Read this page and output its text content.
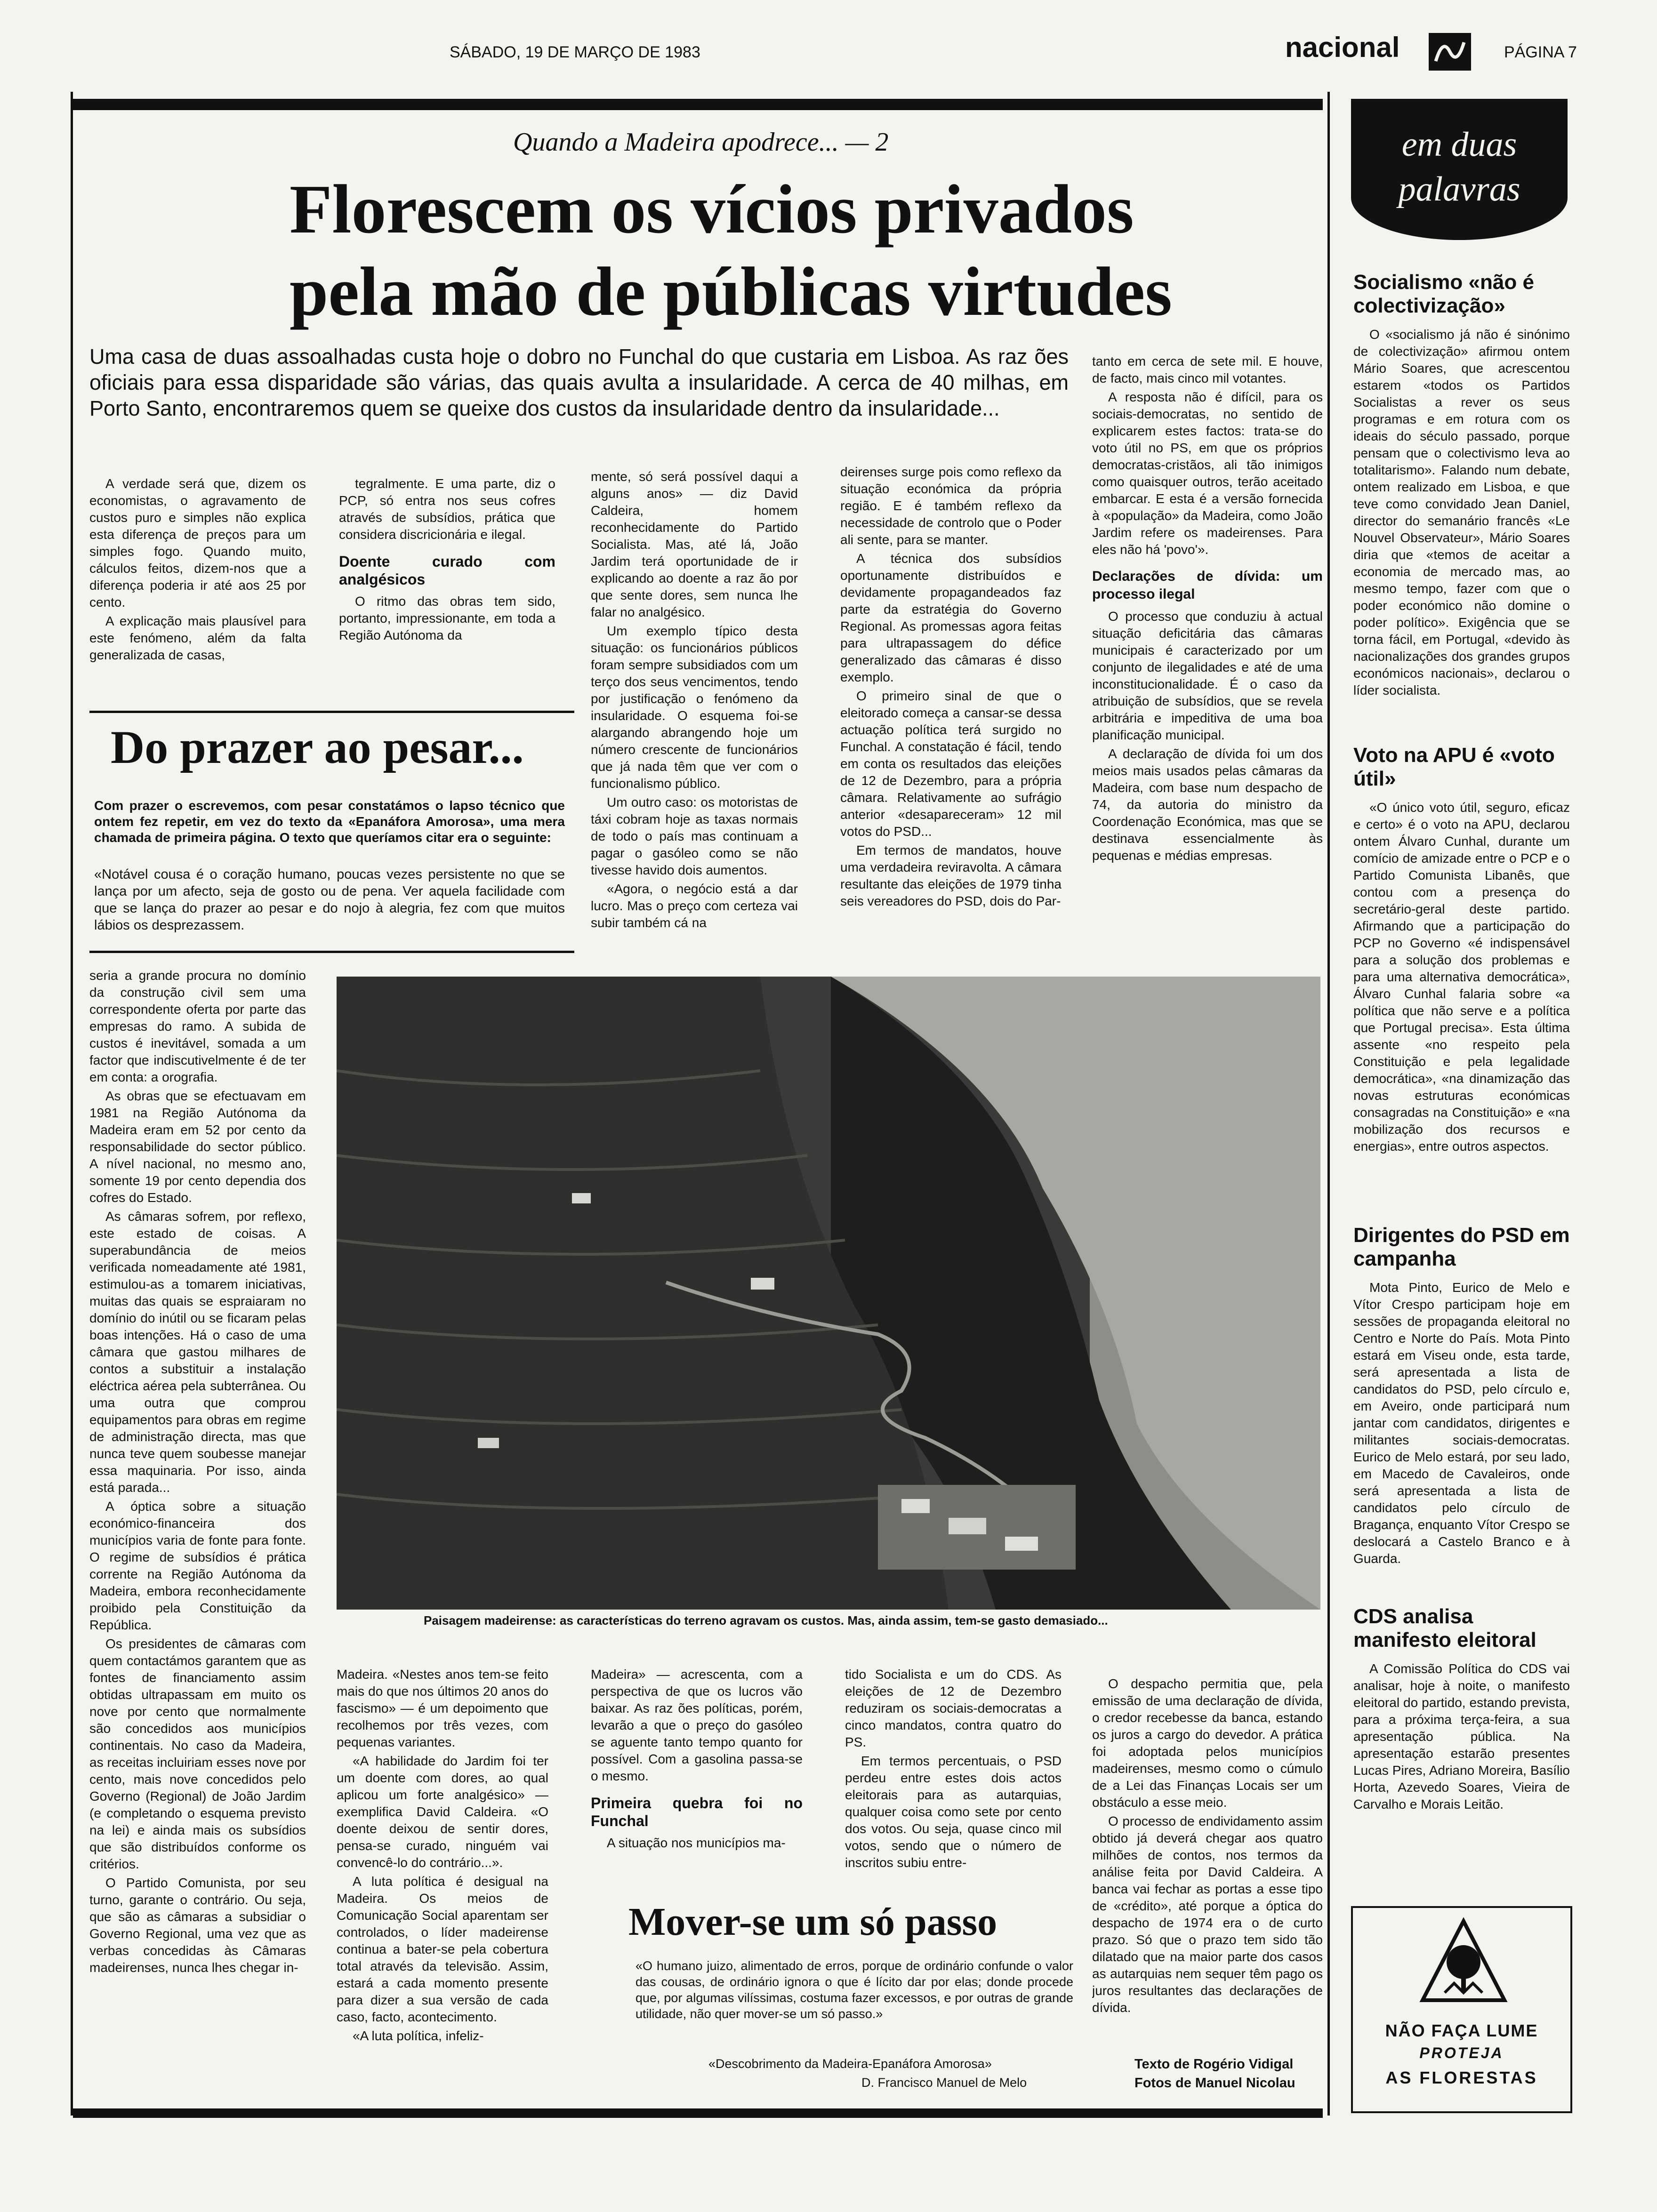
SÁBADO, 19 DE MARÇO DE 1983	nacional	PÁGINA 7
Quando a Madeira apodrece... — 2
Florescem os vícios privados
pela mão de públicas virtudes
Uma casa de duas assoalhadas custa hoje o dobro no Funchal do que custaria em Lisboa. As raz ões oficiais para essa disparidade são várias, das quais avulta a insularidade. A cerca de 40 milhas, em Porto Santo, encontraremos quem se queixe dos custos da insularidade dentro da insularidade...

A verdade será que, dizem os economistas, o agravamento de custos puro e simples não explica esta diferença de preços para um simples fogo. Quando muito, cálculos feitos, dizem-nos que a diferença poderia ir até aos 25 por cento.

A explicação mais plausível para este fenómeno, além da falta generalizada de casas,

tegralmente. E uma parte, diz o PCP, só entra nos seus cofres através de subsídios, prática que considera discricionária e ilegal.

Doente curado com analgésicos

O ritmo das obras tem sido, portanto, impressionante, em toda a Região Autónoma da

mente, só será possível daqui a alguns anos» — diz David Caldeira, homem reconhecidamente do Partido Socialista. Mas, até lá, João Jardim terá oportunidade de ir explicando ao doente a raz ão por que sente dores, sem nunca lhe falar no analgésico.

Um exemplo típico desta situação: os funcionários públicos foram sempre subsidiados com um terço dos seus vencimentos, tendo por justificação o fenómeno da insularidade. O esquema foi-se alargando abrangendo hoje um número crescente de funcionários que já nada têm que ver com o funcionalismo público.

Um outro caso: os motoristas de táxi cobram hoje as taxas normais de todo o país mas continuam a pagar o gasóleo como se não tivesse havido dois aumentos.

«Agora, o negócio está a dar lucro. Mas o preço com certeza vai subir também cá na

deirenses surge pois como reflexo da situação económica da própria região. E é também reflexo da necessidade de controlo que o Poder ali sente, para se manter.

A técnica dos subsídios oportunamente distribuídos e devidamente propagandeados faz parte da estratégia do Governo Regional. As promessas agora feitas para ultrapassagem do défice generalizado das câmaras é disso exemplo.

O primeiro sinal de que o eleitorado começa a cansar-se dessa actuação política terá surgido no Funchal. A constatação é fácil, tendo em conta os resultados das eleições de 12 de Dezembro, para a própria câmara. Relativamente ao sufrágio anterior «desapareceram» 12 mil votos do PSD...

Em termos de mandatos, houve uma verdadeira reviravolta. A câmara resultante das eleições de 1979 tinha seis vereadores do PSD, dois do Par-

tanto em cerca de sete mil. E houve, de facto, mais cinco mil votantes.

A resposta não é difícil, para os sociais-democratas, no sentido de explicarem estes factos: trata-se do voto útil no PS, em que os próprios democratas-cristãos, ali tão inimigos como quaisquer outros, terão aceitado embarcar. E esta é a versão fornecida à «população» da Madeira, como João Jardim refere os madeirenses. Para eles não há 'povo'».

Declarações de dívida: um processo ilegal

O processo que conduziu à actual situação deficitária das câmaras municipais é caracterizado por um conjunto de ilegalidades e até de uma inconstitucionalidade. É o caso da atribuição de subsídios, que se revela arbitrária e impeditiva de uma boa planificação municipal.

A declaração de dívida foi um dos meios mais usados pelas câmaras da Madeira, com base num despacho de 74, da autoria do ministro da Coordenação Económica, mas que se destinava essencialmente às pequenas e médias empresas.

Do prazer ao pesar...
Com prazer o escrevemos, com pesar constatámos o lapso técnico que ontem fez repetir, em vez do texto da «Epanáfora Amorosa», uma mera chamada de primeira página. O texto que queríamos citar era o seguinte:
«Notável cousa é o coração humano, poucas vezes persistente no que se lança por um afecto, seja de gosto ou de pena. Ver aquela facilidade com que se lança do prazer ao pesar e do nojo à alegria, fez com que muitos lábios os desprezassem.

seria a grande procura no domínio da construção civil sem uma correspondente oferta por parte das empresas do ramo. A subida de custos é inevitável, somada a um factor que indiscutivelmente é de ter em conta: a orografia.

As obras que se efectuavam em 1981 na Região Autónoma da Madeira eram em 52 por cento da responsabilidade do sector público. A nível nacional, no mesmo ano, somente 19 por cento dependia dos cofres do Estado.

As câmaras sofrem, por reflexo, este estado de coisas. A superabundância de meios verificada nomeadamente até 1981, estimulou-as a tomarem iniciativas, muitas das quais se espraiaram no domínio do inútil ou se ficaram pelas boas intenções. Há o caso de uma câmara que gastou milhares de contos a substituir a instalação eléctrica aérea pela subterrânea. Ou uma outra que comprou equipamentos para obras em regime de administração directa, mas que nunca teve quem soubesse manejar essa maquinaria. Por isso, ainda está parada...

A óptica sobre a situação económico-financeira dos municípios varia de fonte para fonte. O regime de subsídios é prática corrente na Região Autónoma da Madeira, embora reconhecidamente proibido pela Constituição da República.

Os presidentes de câmaras com quem contactámos garantem que as fontes de financiamento assim obtidas ultrapassam em muito os nove por cento que normalmente são concedidos aos municípios continentais. No caso da Madeira, as receitas incluiriam esses nove por cento, mais nove concedidos pelo Governo (Regional) de João Jardim (e completando o esquema previsto na lei) e ainda mais os subsídios que são distribuídos conforme os critérios.

O Partido Comunista, por seu turno, garante o contrário. Ou seja, que são as câmaras a subsidiar o Governo Regional, uma vez que as verbas concedidas às Câmaras madeirenses, nunca lhes chegar in-

Paisagem madeirense: as características do terreno agravam os custos. Mas, ainda assim, tem-se gasto demasiado...

Madeira. «Nestes anos tem-se feito mais do que nos últimos 20 anos do fascismo» — é um depoimento que recolhemos por três vezes, com pequenas variantes.

«A habilidade do Jardim foi ter um doente com dores, ao qual aplicou um forte analgésico» — exemplifica David Caldeira. «O doente deixou de sentir dores, pensa-se curado, ninguém vai convencê-lo do contrário...».

A luta política é desigual na Madeira. Os meios de Comunicação Social aparentam ser controlados, o líder madeirense continua a bater-se pela cobertura total através da televisão. Assim, estará a cada momento presente para dizer a sua versão de cada caso, facto, acontecimento.

«A luta política, infeliz-

Madeira» — acrescenta, com a perspectiva de que os lucros vão baixar. As raz ões políticas, porém, levarão a que o preço do gasóleo se aguente tanto tempo quanto for possível. Com a gasolina passa-se o mesmo.

Primeira quebra foi no Funchal

A situação nos municípios ma-

tido Socialista e um do CDS. As eleições de 12 de Dezembro reduziram os sociais-democratas a cinco mandatos, contra quatro do PS.

Em termos percentuais, o PSD perdeu entre estes dois actos eleitorais para as autarquias, qualquer coisa como sete por cento dos votos. Ou seja, quase cinco mil votos, sendo que o número de inscritos subiu entre-

O despacho permitia que, pela emissão de uma declaração de dívida, o credor recebesse da banca, estando os juros a cargo do devedor. A prática foi adoptada pelos municípios madeirenses, mesmo como o cúmulo de a Lei das Finanças Locais ser um obstáculo a esse meio.

O processo de endividamento assim obtido já deverá chegar aos quatro milhões de contos, nos termos da análise feita por David Caldeira. A banca vai fechar as portas a esse tipo de «crédito», até porque a óptica do despacho de 1974 era o de curto prazo. Só que o prazo tem sido tão dilatado que na maior parte dos casos as autarquias nem sequer têm pago os juros resultantes das declarações de dívida.

Mover-se um só passo
«O humano juizo, alimentado de erros, porque de ordinário confunde o valor das cousas, de ordinário ignora o que é lícito dar por elas; donde procede que, por algumas vilíssimas, costuma fazer excessos, e por outras de grande utilidade, não quer mover-se um só passo.»
«Descobrimento da Madeira-Epanáfora Amorosa»
D. Francisco Manuel de Melo
Texto de Rogério Vidigal
Fotos de Manuel Nicolau
em duas
palavras
Socialismo «não é colectivização»

O «socialismo já não é sinónimo de colectivização» afirmou ontem Mário Soares, que acrescentou estarem «todos os Partidos Socialistas a rever os seus programas e em rotura com os ideais do século passado, porque pensam que o colectivismo leva ao totalitarismo». Falando num debate, ontem realizado em Lisboa, e que teve como convidado Jean Daniel, director do semanário francês «Le Nouvel Observateur», Mário Soares diria que «temos de aceitar a economia de mercado mas, ao mesmo tempo, fazer com que o poder económico não domine o poder político». Exigência que se torna fácil, em Portugal, «devido às nacionalizações dos grandes grupos económicos nacionais», declarou o líder socialista.

Voto na APU é «voto útil»

«O único voto útil, seguro, eficaz e certo» é o voto na APU, declarou ontem Álvaro Cunhal, durante um comício de amizade entre o PCP e o Partido Comunista Libanês, que contou com a presença do secretário-geral deste partido. Afirmando que a participação do PCP no Governo «é indispensável para a solução dos problemas e para uma alternativa democrática», Álvaro Cunhal falaria sobre «a política que não serve e a política que Portugal precisa». Esta última assente «no respeito pela Constituição e pela legalidade democrática», «na dinamização das novas estruturas económicas consagradas na Constituição» e «na mobilização dos recursos e energias», entre outros aspectos.

Dirigentes do PSD em campanha

Mota Pinto, Eurico de Melo e Vítor Crespo participam hoje em sessões de propaganda eleitoral no Centro e Norte do País. Mota Pinto estará em Viseu onde, esta tarde, será apresentada a lista de candidatos do PSD, pelo círculo e, em Aveiro, onde participará num jantar com candidatos, dirigentes e militantes sociais-democratas. Eurico de Melo estará, por seu lado, em Macedo de Cavaleiros, onde será apresentada a lista de candidatos pelo círculo de Bragança, enquanto Vítor Crespo se deslocará a Castelo Branco e à Guarda.

CDS analisa manifesto eleitoral

A Comissão Política do CDS vai analisar, hoje à noite, o manifesto eleitoral do partido, estando prevista, para a próxima terça-feira, a sua apresentação pública. Na apresentação estarão presentes Lucas Pires, Adriano Moreira, Basílio Horta, Azevedo Soares, Vieira de Carvalho e Morais Leitão.

NÃO FAÇA LUME
PROTEJA
AS FLORESTAS
